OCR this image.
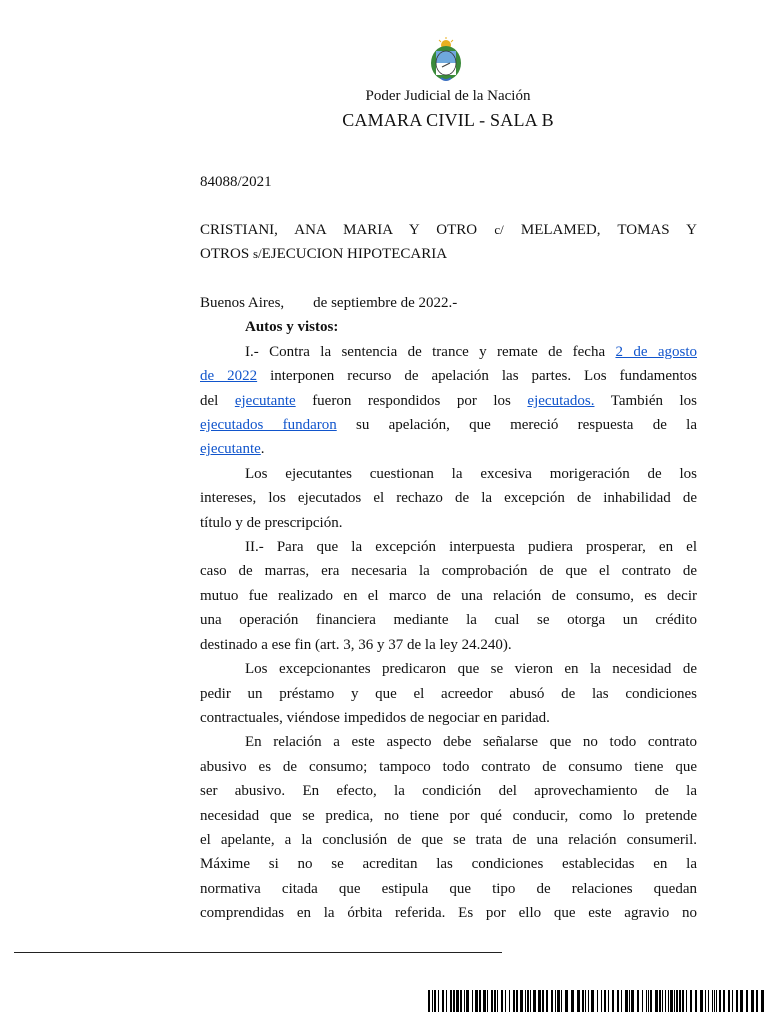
Poder Judicial de la Nación
CAMARA CIVIL - SALA B
84088/2021
CRISTIANI, ANA MARIA Y OTRO c/ MELAMED, TOMAS Y
OTROS s/EJECUCION HIPOTECARIA
Buenos Aires, de septiembre de 2022.-
Autos y vistos:
I.- Contra la sentencia de trance y remate de fecha 2 de agosto
de 2022 interponen recurso de apelación las partes. Los fundamentos
del ejecutante fueron respondidos por los ejecutados. También los
ejecutados fundaron su apelación, que mereció respuesta de la
ejecutante.
Los ejecutantes cuestionan la excesiva morigeración de los
intereses, los ejecutados el rechazo de la excepción de inhabilidad de
título y de prescripción.
II.- Para que la excepción interpuesta pudiera prosperar, en el
caso de marras, era necesaria la comprobación de que el contrato de
mutuo fue realizado en el marco de una relación de consumo, es decir
una operación financiera mediante la cual se otorga un crédito
destinado a ese fin (art. 3, 36 y 37 de la ley 24.240).
Los excepcionantes predicaron que se vieron en la necesidad de
pedir un préstamo y que el acreedor abusó de las condiciones
contractuales, viéndose impedidos de negociar en paridad.
En relación a este aspecto debe señalarse que no todo contrato
abusivo es de consumo; tampoco todo contrato de consumo tiene que
ser abusivo. En efecto, la condición del aprovechamiento de la
necesidad que se predica, no tiene por qué conducir, como lo pretende
el apelante, a la conclusión de que se trata de una relación consumeril.
Máxime si no se acreditan las condiciones establecidas en la
normativa citada que estipula que tipo de relaciones quedan
comprendidas en la órbita referida. Es por ello que este agravio no
